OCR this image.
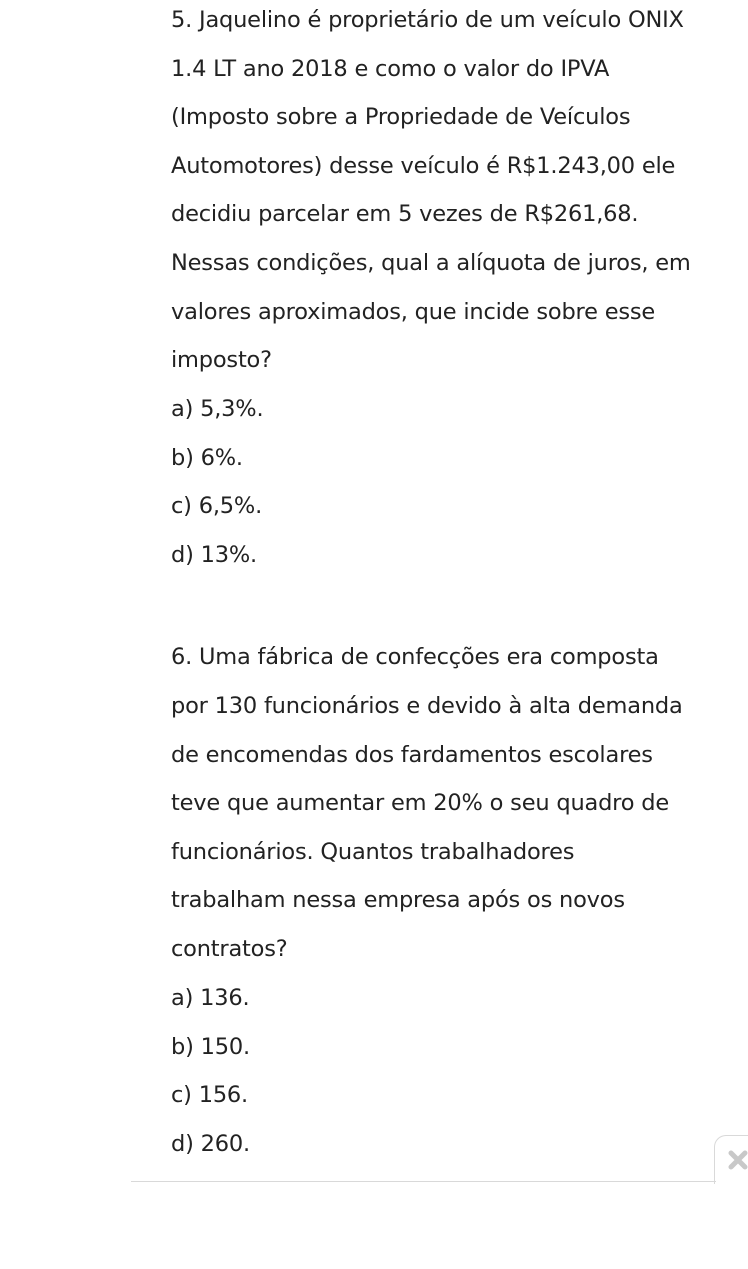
5. Jaquelino é proprietário de um veículo ONIX
1.4 LT ano 2018 e como o valor do IPVA
(Imposto sobre a Propriedade de Veículos
Automotores) desse veículo é R$1.243,00 ele
decidiu parcelar em 5 vezes de R$261,68.
Nessas condições, qual a alíquota de juros, em
valores aproximados, que incide sobre esse
imposto?
a) 5,3%.
b) 6%.
c) 6,5%.
d) 13%.
6. Uma fábrica de confecções era composta
por 130 funcionários e devido à alta demanda
de encomendas dos fardamentos escolares
teve que aumentar em 20% o seu quadro de
funcionários. Quantos trabalhadores
trabalham nessa empresa após os novos
contratos?
a) 136.
b) 150.
c) 156.
d) 260.
